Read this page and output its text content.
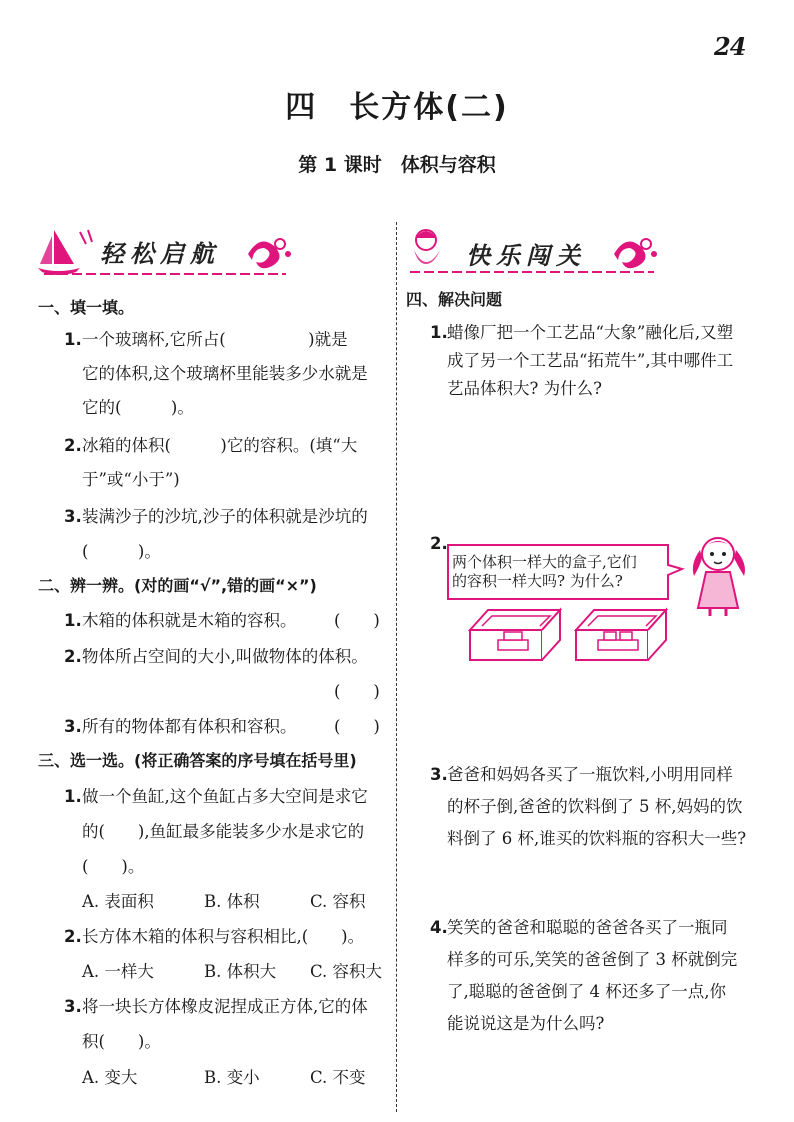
24
四　长方体(二)
第 1 课时　体积与容积
轻松启航	快乐闯关
一、填一填。
1. 一个玻璃杯,它所占(　　　　　)就是
它的体积,这个玻璃杯里能装多少水就是
它的(　　　)。
2. 冰箱的体积(　　　)它的容积。(填“大
于”或“小于”)
3. 装满沙子的沙坑,沙子的体积就是沙坑的
(　　　)。
二、辨一辨。(对的画“√”,错的画“×”)
1. 木箱的体积就是木箱的容积。 (　　)
2. 物体所占空间的大小,叫做物体的体积。
(　　)
3. 所有的物体都有体积和容积。 (　　)
三、选一选。(将正确答案的序号填在括号里)
1. 做一个鱼缸,这个鱼缸占多大空间是求它
的(　　),鱼缸最多能装多少水是求它的
(　　)。
A. 表面积	B. 体积	C. 容积
2. 长方体木箱的体积与容积相比,(　　)。
A. 一样大	B. 体积大 C. 容积大
3. 将一块长方体橡皮泥捏成正方体,它的体
积(　　)。
A. 变大	B. 变小	C. 不变
四、解决问题
1. 蜡像厂把一个工艺品“大象”融化后,又塑
成了另一个工艺品“拓荒牛”,其中哪件工
艺品体积大? 为什么?
2.
两个体积一样大的盒子,它们
的容积一样大吗? 为什么?
3. 爸爸和妈妈各买了一瓶饮料,小明用同样
的杯子倒,爸爸的饮料倒了 5 杯,妈妈的饮
料倒了 6 杯,谁买的饮料瓶的容积大一些?
4. 笑笑的爸爸和聪聪的爸爸各买了一瓶同
样多的可乐,笑笑的爸爸倒了 3 杯就倒完
了,聪聪的爸爸倒了 4 杯还多了一点,你
能说说这是为什么吗?
